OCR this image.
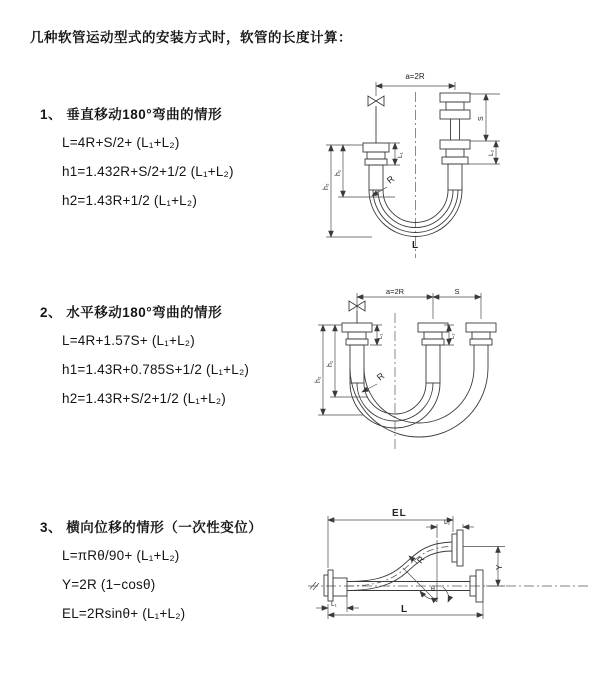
几种软管运动型式的安装方式时，软管的长度计算：
1、 垂直移动180°弯曲的情形
L=4R+S/2+ (L₁+L₂)
h1=1.432R+S/2+1/2 (L₁+L₂)
h2=1.43R+1/2 (L₁+L₂)
2、 水平移动180°弯曲的情形
L=4R+1.57S+ (L₁+L₂)
h1=1.43R+0.785S+1/2 (L₁+L₂)
h2=1.43R+S/2+1/2 (L₁+L₂)
3、 横向位移的情形（一次性变位）
L=πRθ/90+ (L₁+L₂)
Y=2R (1−cosθ)
EL=2Rsinθ+ (L₁+L₂)
a=2R
R
h₁
h₂
L₁
S
L₂
L
a=2R	S
R
h₁
h₂
L₁	L₂
EL
L₂
θ
R
Y
L₁	L
